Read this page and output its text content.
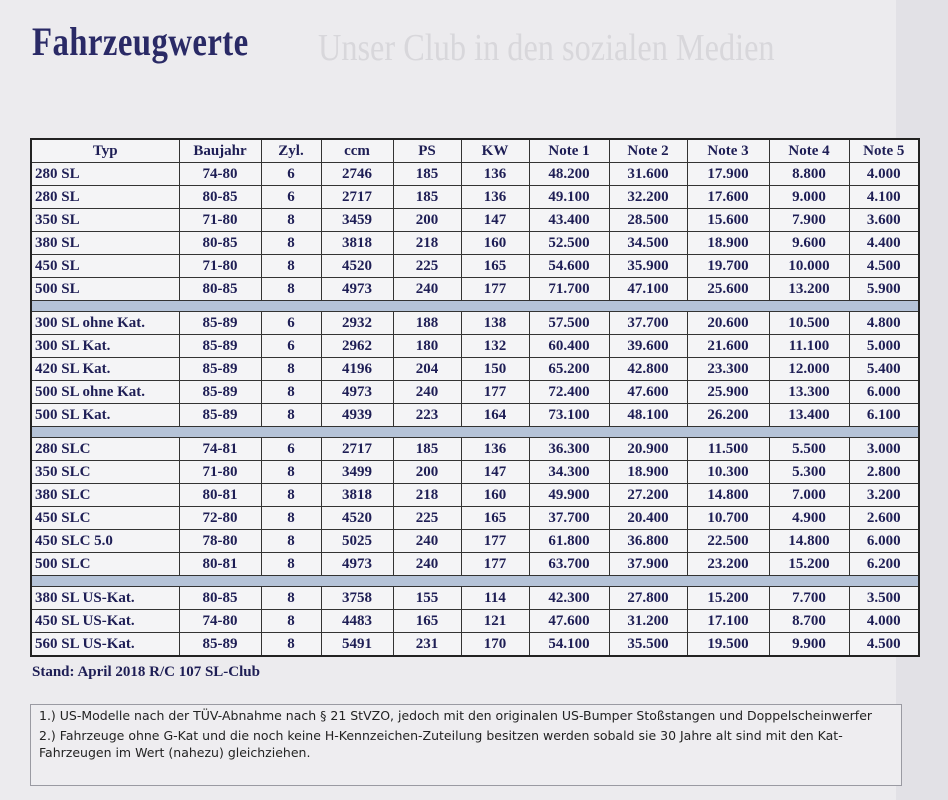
Unser Club in den sozialen Medien
Fahrzeugwerte
Typ	Baujahr	Zyl.	ccm	PS	KW	Note 1	Note 2	Note 3	Note 4	Note 5
280 SL	74-80	6	2746	185	136	48.200	31.600	17.900	8.800	4.000
280 SL	80-85	6	2717	185	136	49.100	32.200	17.600	9.000	4.100
350 SL	71-80	8	3459	200	147	43.400	28.500	15.600	7.900	3.600
380 SL	80-85	8	3818	218	160	52.500	34.500	18.900	9.600	4.400
450 SL	71-80	8	4520	225	165	54.600	35.900	19.700	10.000	4.500
500 SL	80-85	8	4973	240	177	71.700	47.100	25.600	13.200	5.900

300 SL ohne Kat.	85-89	6	2932	188	138	57.500	37.700	20.600	10.500	4.800
300 SL Kat.	85-89	6	2962	180	132	60.400	39.600	21.600	11.100	5.000
420 SL Kat.	85-89	8	4196	204	150	65.200	42.800	23.300	12.000	5.400
500 SL ohne Kat.	85-89	8	4973	240	177	72.400	47.600	25.900	13.300	6.000
500 SL Kat.	85-89	8	4939	223	164	73.100	48.100	26.200	13.400	6.100

280 SLC	74-81	6	2717	185	136	36.300	20.900	11.500	5.500	3.000
350 SLC	71-80	8	3499	200	147	34.300	18.900	10.300	5.300	2.800
380 SLC	80-81	8	3818	218	160	49.900	27.200	14.800	7.000	3.200
450 SLC	72-80	8	4520	225	165	37.700	20.400	10.700	4.900	2.600
450 SLC 5.0	78-80	8	5025	240	177	61.800	36.800	22.500	14.800	6.000
500 SLC	80-81	8	4973	240	177	63.700	37.900	23.200	15.200	6.200

380 SL US-Kat.	80-85	8	3758	155	114	42.300	27.800	15.200	7.700	3.500
450 SL US-Kat.	74-80	8	4483	165	121	47.600	31.200	17.100	8.700	4.000
560 SL US-Kat.	85-89	8	5491	231	170	54.100	35.500	19.500	9.900	4.500
Stand: April 2018 R/C 107 SL-Club

1.) US-Modelle nach der TÜV-Abnahme nach § 21 StVZO, jedoch mit den originalen US-Bumper Stoßstangen und Doppelscheinwerfer

2.) Fahrzeuge ohne G-Kat und die noch keine H-Kennzeichen-Zuteilung besitzen werden sobald sie 30 Jahre alt sind mit den Kat-Fahrzeugen im Wert (nahezu) gleichziehen.
